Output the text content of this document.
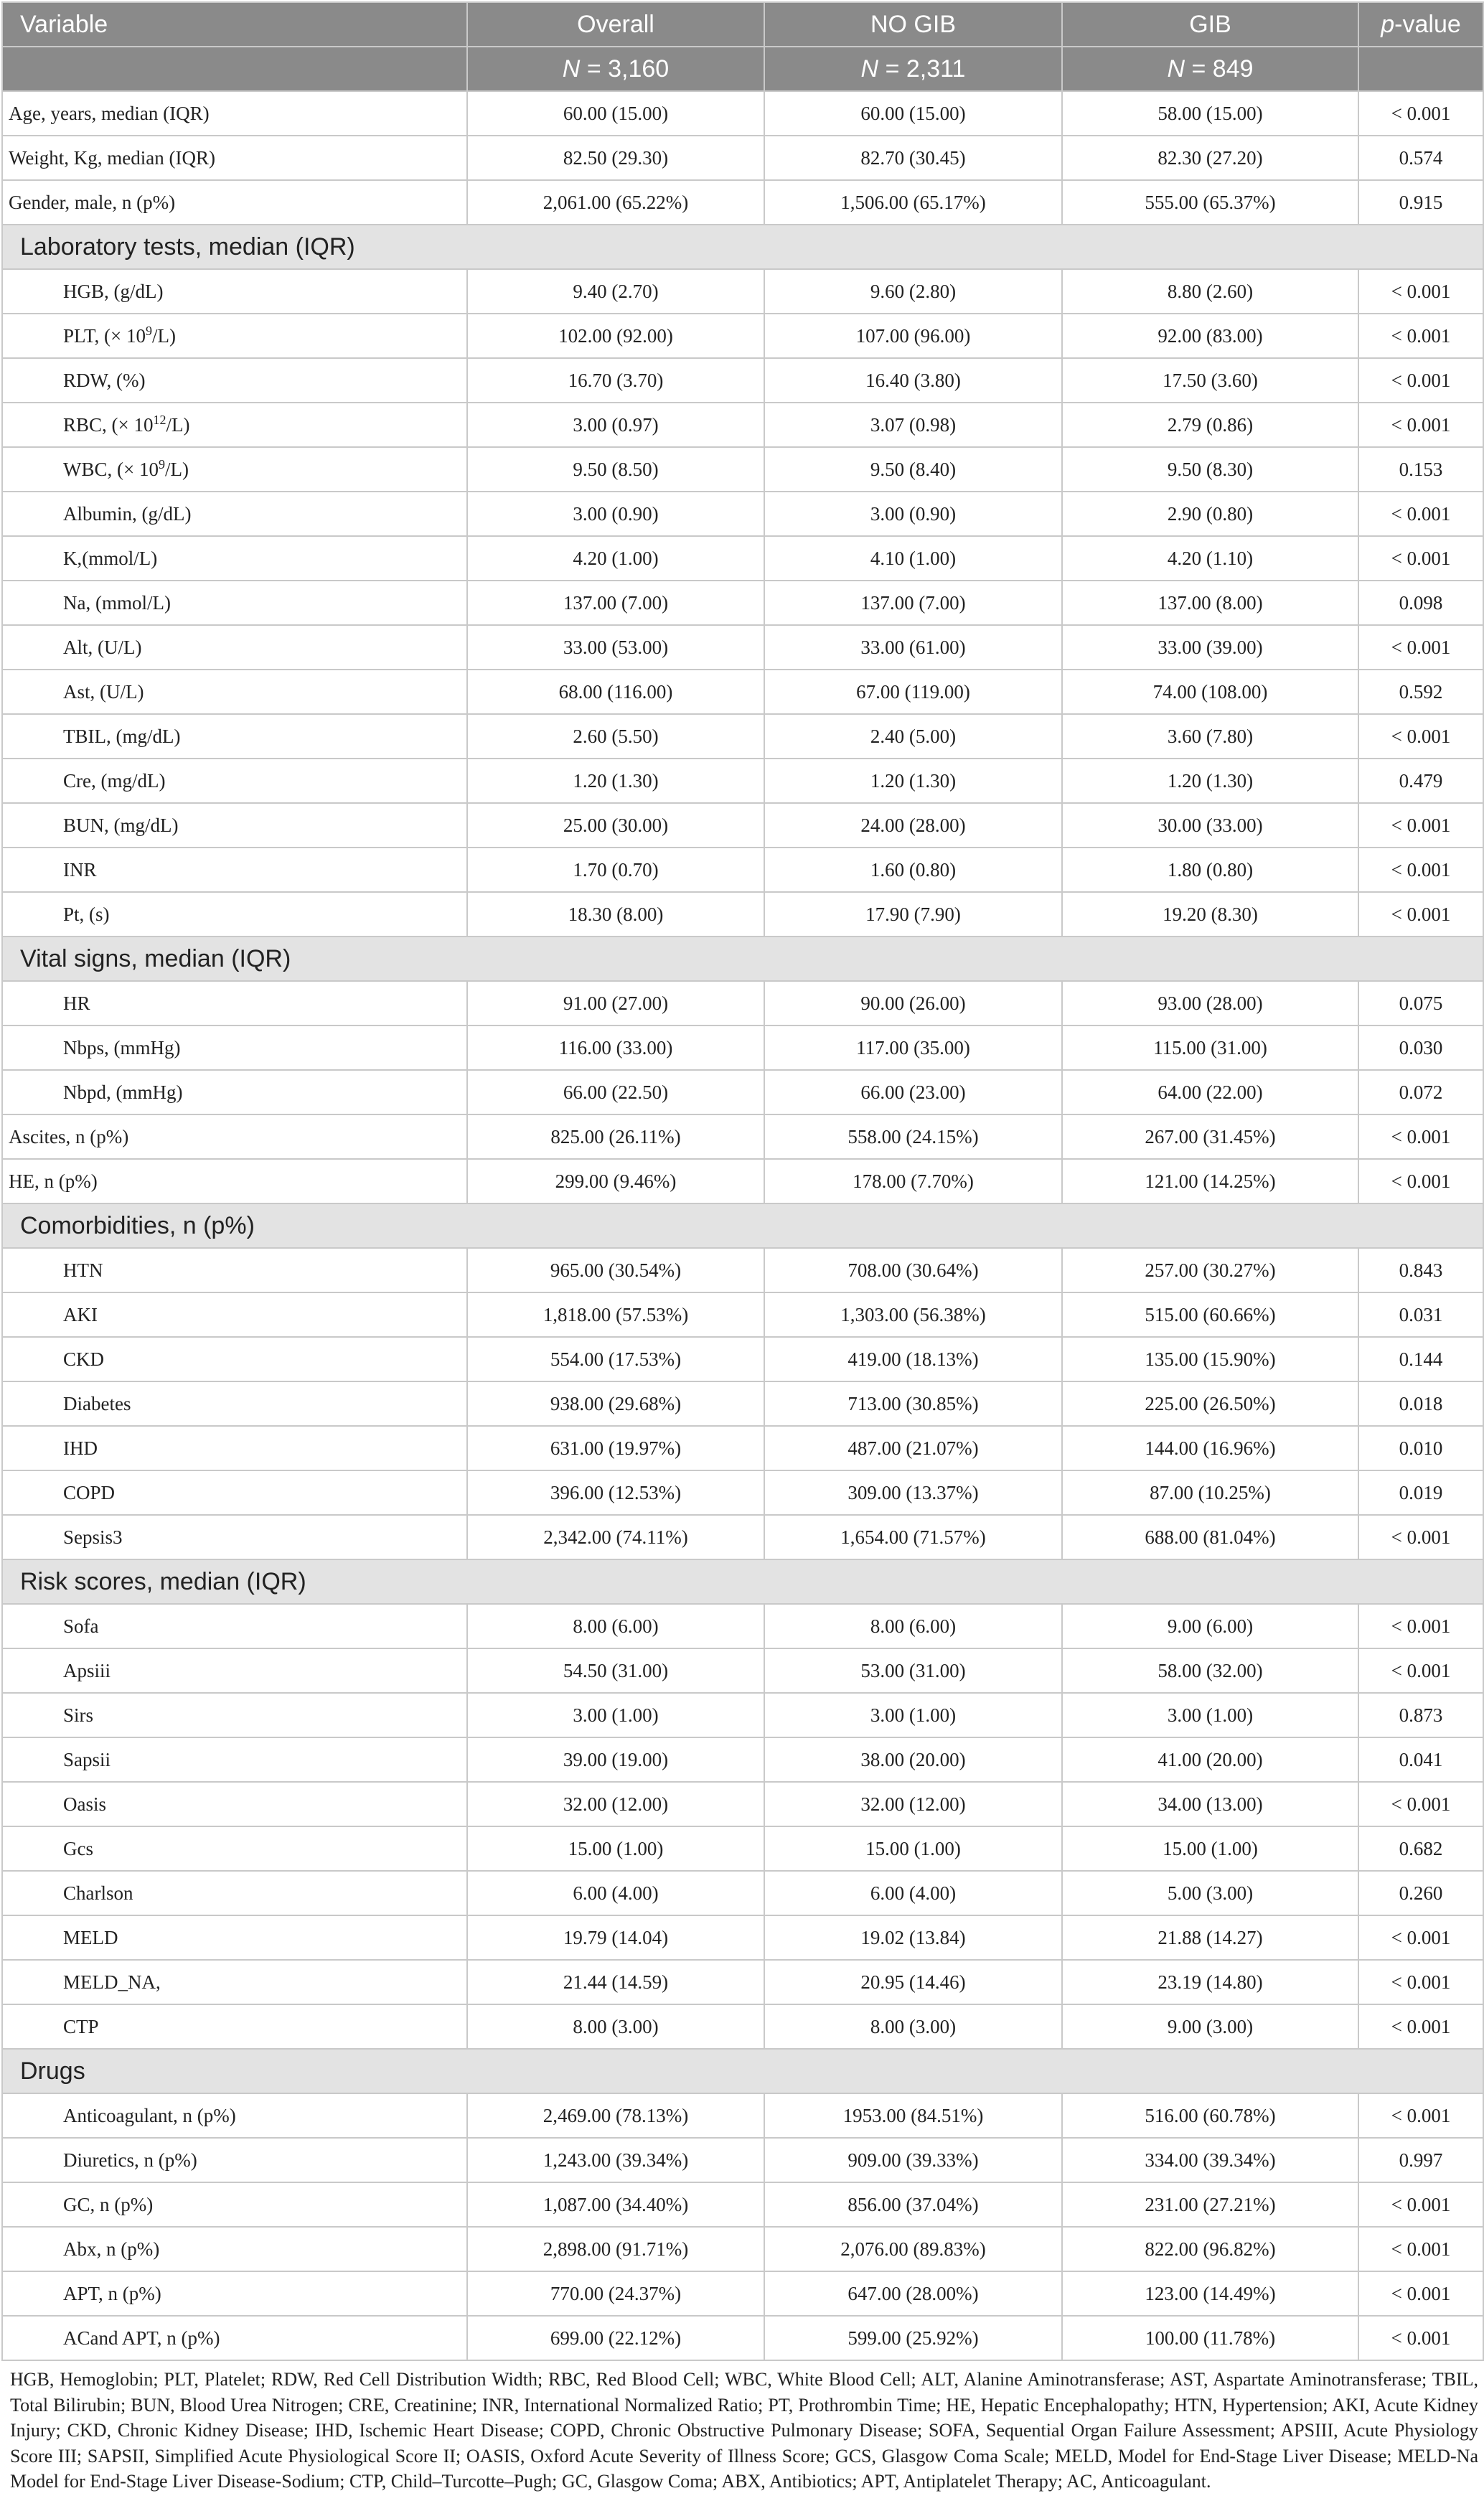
Variable	Overall	NO GIB	GIB	p-value
	N = 3,160	N = 2,311	N = 849	
Age, years, median (IQR)	60.00 (15.00)	60.00 (15.00)	58.00 (15.00)	< 0.001
Weight, Kg, median (IQR)	82.50 (29.30)	82.70 (30.45)	82.30 (27.20)	0.574
Gender, male, n (p%)	2,061.00 (65.22%)	1,506.00 (65.17%)	555.00 (65.37%)	0.915
Laboratory tests, median (IQR)				
HGB, (g/dL)	9.40 (2.70)	9.60 (2.80)	8.80 (2.60)	< 0.001
PLT, (× $10^9/L$)	102.00 (92.00)	107.00 (96.00)	92.00 (83.00)	< 0.001
RDW, (%)	16.70 (3.70)	16.40 (3.80)	17.50 (3.60)	< 0.001
RBC, (× $10^{12}/L$)	3.00 (0.97)	3.07 (0.98)	2.79 (0.86)	< 0.001
WBC, (× $10^9/L$)	9.50 (8.50)	9.50 (8.40)	9.50 (8.30)	0.153
Albumin, (g/dL)	3.00 (0.90)	3.00 (0.90)	2.90 (0.80)	< 0.001
K,(mmol/L)	4.20 (1.00)	4.10 (1.00)	4.20 (1.10)	< 0.001
Na, (mmol/L)	137.00 (7.00)	137.00 (7.00)	137.00 (8.00)	0.098
Alt, (U/L)	33.00 (53.00)	33.00 (61.00)	33.00 (39.00)	< 0.001
Ast, (U/L)	68.00 (116.00)	67.00 (119.00)	74.00 (108.00)	0.592
TBIL, (mg/dL)	2.60 (5.50)	2.40 (5.00)	3.60 (7.80)	< 0.001
Cre, (mg/dL)	1.20 (1.30)	1.20 (1.30)	1.20 (1.30)	0.479
BUN, (mg/dL)	25.00 (30.00)	24.00 (28.00)	30.00 (33.00)	< 0.001
INR	1.70 (0.70)	1.60 (0.80)	1.80 (0.80)	< 0.001
Pt, (s)	18.30 (8.00)	17.90 (7.90)	19.20 (8.30)	< 0.001
Vital signs, median (IQR)				
HR	91.00 (27.00)	90.00 (26.00)	93.00 (28.00)	0.075
Nbps, (mmHg)	116.00 (33.00)	117.00 (35.00)	115.00 (31.00)	0.030
Nbpd, (mmHg)	66.00 (22.50)	66.00 (23.00)	64.00 (22.00)	0.072
Ascites, n (p%)	825.00 (26.11%)	558.00 (24.15%)	267.00 (31.45%)	< 0.001
HE, n (p%)	299.00 (9.46%)	178.00 (7.70%)	121.00 (14.25%)	< 0.001
Comorbidities, n (p%)				
HTN	965.00 (30.54%)	708.00 (30.64%)	257.00 (30.27%)	0.843
AKI	1,818.00 (57.53%)	1,303.00 (56.38%)	515.00 (60.66%)	0.031
CKD	554.00 (17.53%)	419.00 (18.13%)	135.00 (15.90%)	0.144
Diabetes	938.00 (29.68%)	713.00 (30.85%)	225.00 (26.50%)	0.018
IHD	631.00 (19.97%)	487.00 (21.07%)	144.00 (16.96%)	0.010
COPD	396.00 (12.53%)	309.00 (13.37%)	87.00 (10.25%)	0.019
Sepsis3	2,342.00 (74.11%)	1,654.00 (71.57%)	688.00 (81.04%)	< 0.001
Risk scores, median (IQR)				
Sofa	8.00 (6.00)	8.00 (6.00)	9.00 (6.00)	< 0.001
Apsiii	54.50 (31.00)	53.00 (31.00)	58.00 (32.00)	< 0.001
Sirs	3.00 (1.00)	3.00 (1.00)	3.00 (1.00)	0.873
Sapsii	39.00 (19.00)	38.00 (20.00)	41.00 (20.00)	0.041
Oasis	32.00 (12.00)	32.00 (12.00)	34.00 (13.00)	< 0.001
Gcs	15.00 (1.00)	15.00 (1.00)	15.00 (1.00)	0.682
Charlson	6.00 (4.00)	6.00 (4.00)	5.00 (3.00)	0.260
MELD	19.79 (14.04)	19.02 (13.84)	21.88 (14.27)	< 0.001
MELD_NA,	21.44 (14.59)	20.95 (14.46)	23.19 (14.80)	< 0.001
CTP	8.00 (3.00)	8.00 (3.00)	9.00 (3.00)	< 0.001
Drugs				
Anticoagulant, n (p%)	2,469.00 (78.13%)	1953.00 (84.51%)	516.00 (60.78%)	< 0.001
Diuretics, n (p%)	1,243.00 (39.34%)	909.00 (39.33%)	334.00 (39.34%)	0.997
GC, n (p%)	1,087.00 (34.40%)	856.00 (37.04%)	231.00 (27.21%)	< 0.001
Abx, n (p%)	2,898.00 (91.71%)	2,076.00 (89.83%)	822.00 (96.82%)	< 0.001
APT, n (p%)	770.00 (24.37%)	647.00 (28.00%)	123.00 (14.49%)	< 0.001
ACand APT, n (p%)	699.00 (22.12%)	599.00 (25.92%)	100.00 (11.78%)	< 0.001
HGB, Hemoglobin; PLT, Platelet; RDW, Red Cell Distribution Width; RBC, Red Blood Cell; WBC, White Blood Cell; ALT, Alanine Aminotransferase; AST, Aspartate Aminotransferase; TBIL, Total Bilirubin; BUN, Blood Urea Nitrogen; CRE, Creatinine; INR, International Normalized Ratio; PT, Prothrombin Time; HE, Hepatic Encephalopathy; HTN, Hypertension; AKI, Acute Kidney Injury; CKD, Chronic Kidney Disease; IHD, Ischemic Heart Disease; COPD, Chronic Obstructive Pulmonary Disease; SOFA, Sequential Organ Failure Assessment; APSIII, Acute Physiology Score III; SAPSII, Simplified Acute Physiological Score II; OASIS, Oxford Acute Severity of Illness Score; GCS, Glasgow Coma Scale; MELD, Model for End-Stage Liver Disease; MELD-Na Model for End-Stage Liver Disease-Sodium; CTP, Child–Turcotte–Pugh; GC, Glasgow Coma; ABX, Antibiotics; APT, Antiplatelet Therapy; AC, Anticoagulant.
